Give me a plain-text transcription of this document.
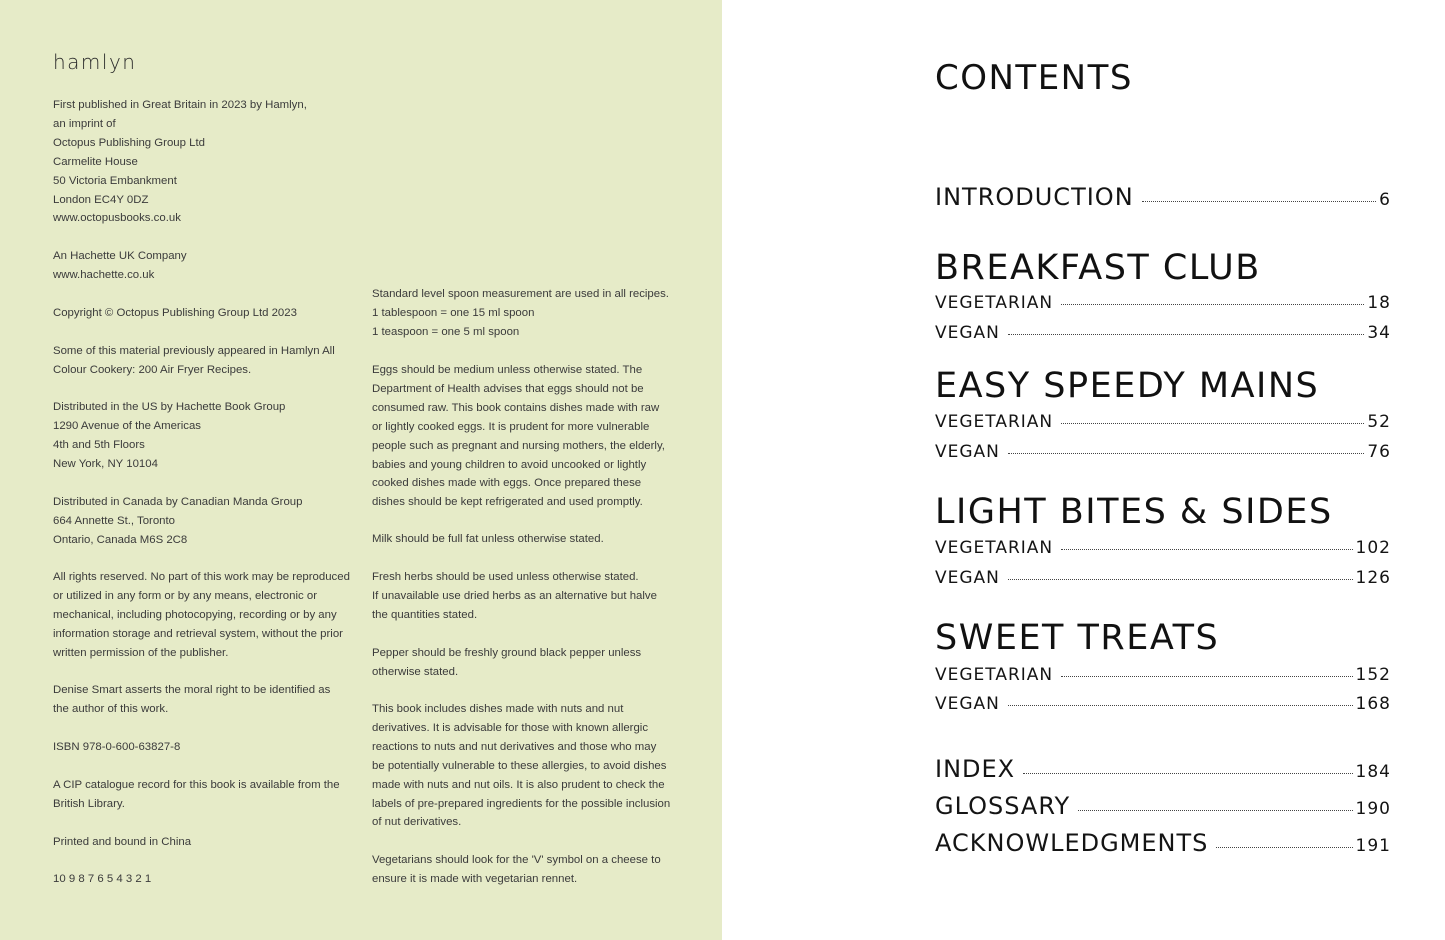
hamlyn
First published in Great Britain in 2023 by Hamlyn,
an imprint of
Octopus Publishing Group Ltd
Carmelite House
50 Victoria Embankment
London EC4Y 0DZ
www.octopusbooks.co.uk
An Hachette UK Company
www.hachette.co.uk
Copyright © Octopus Publishing Group Ltd 2023
Some of this material previously appeared in Hamlyn All
Colour Cookery: 200 Air Fryer Recipes.
Distributed in the US by Hachette Book Group
1290 Avenue of the Americas
4th and 5th Floors
New York, NY 10104
Distributed in Canada by Canadian Manda Group
664 Annette St., Toronto
Ontario, Canada M6S 2C8
All rights reserved. No part of this work may be reproduced
or utilized in any form or by any means, electronic or
mechanical, including photocopying, recording or by any
information storage and retrieval system, without the prior
written permission of the publisher.
Denise Smart asserts the moral right to be identified as
the author of this work.
ISBN 978-0-600-63827-8
A CIP catalogue record for this book is available from the
British Library.
Printed and bound in China
10 9 8 7 6 5 4 3 2 1
Standard level spoon measurement are used in all recipes.
1 tablespoon = one 15 ml spoon
1 teaspoon = one 5 ml spoon
Eggs should be medium unless otherwise stated. The
Department of Health advises that eggs should not be
consumed raw. This book contains dishes made with raw
or lightly cooked eggs. It is prudent for more vulnerable
people such as pregnant and nursing mothers, the elderly,
babies and young children to avoid uncooked or lightly
cooked dishes made with eggs. Once prepared these
dishes should be kept refrigerated and used promptly.
Milk should be full fat unless otherwise stated.
Fresh herbs should be used unless otherwise stated.
If unavailable use dried herbs as an alternative but halve
the quantities stated.
Pepper should be freshly ground black pepper unless
otherwise stated.
This book includes dishes made with nuts and nut
derivatives. It is advisable for those with known allergic
reactions to nuts and nut derivatives and those who may
be potentially vulnerable to these allergies, to avoid dishes
made with nuts and nut oils. It is also prudent to check the
labels of pre-prepared ingredients for the possible inclusion
of nut derivatives.
Vegetarians should look for the 'V' symbol on a cheese to
ensure it is made with vegetarian rennet.
CONTENTS
INTRODUCTION	6
BREAKFAST CLUB
VEGETARIAN	18
VEGAN	34
EASY SPEEDY MAINS
VEGETARIAN	52
VEGAN	76
LIGHT BITES & SIDES
VEGETARIAN	102
VEGAN	126
SWEET TREATS
VEGETARIAN	152
VEGAN	168
INDEX	184
GLOSSARY	190
ACKNOWLEDGMENTS	191
